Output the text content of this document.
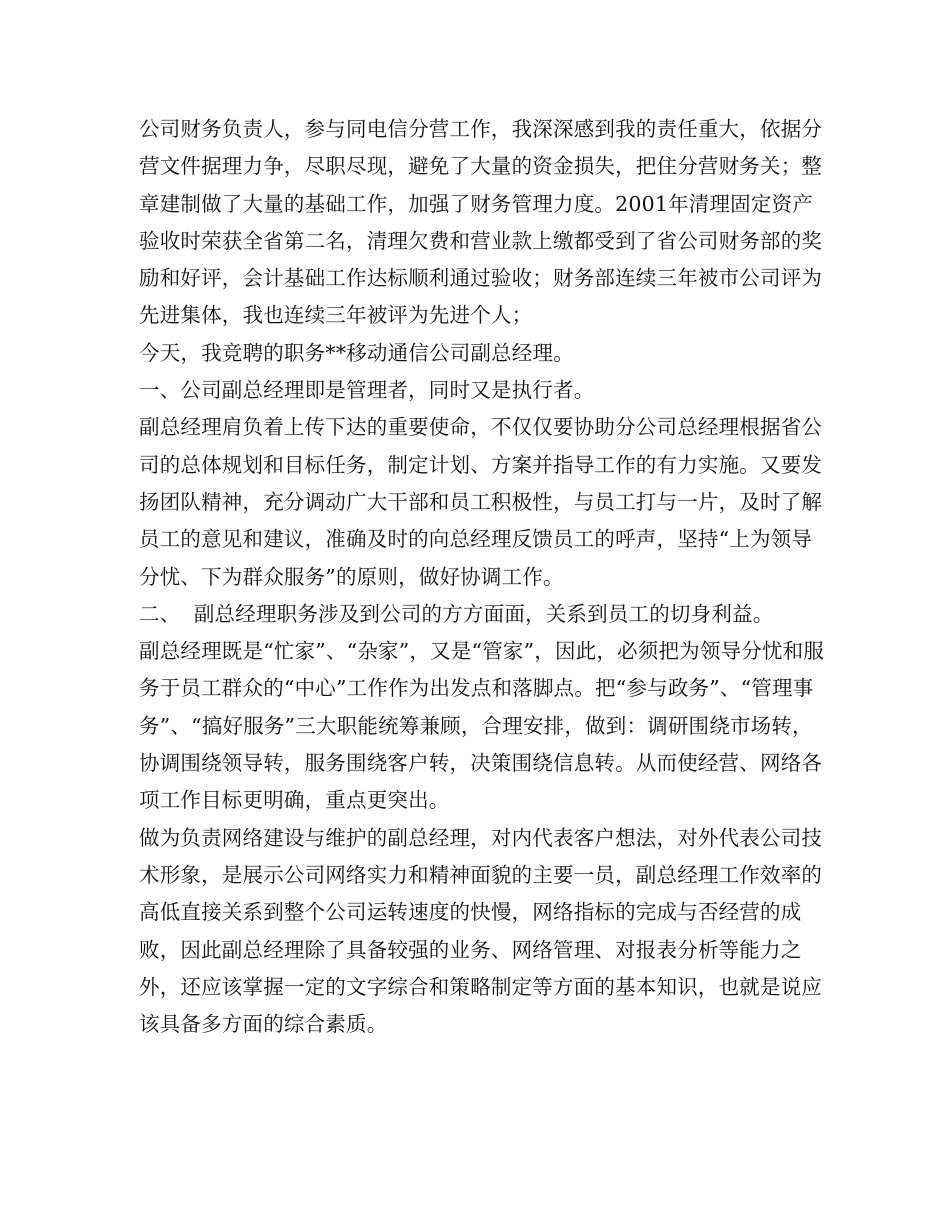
公司财务负责人，参与同电信分营工作，我深深感到我的责任重大，依据分营文件据理力争，尽职尽现，避免了大量的资金损失，把住分营财务关；整章建制做了大量的基础工作，加强了财务管理力度。2001年清理固定资产验收时荣获全省第二名，清理欠费和营业款上缴都受到了省公司财务部的奖励和好评，会计基础工作达标顺利通过验收；财务部连续三年被市公司评为先进集体，我也连续三年被评为先进个人；

今天，我竞聘的职务**移动通信公司副总经理。

一、公司副总经理即是管理者，同时又是执行者。

副总经理肩负着上传下达的重要使命，不仅仅要协助分公司总经理根据省公司的总体规划和目标任务，制定计划、方案并指导工作的有力实施。又要发扬团队精神，充分调动广大干部和员工积极性，与员工打与一片，及时了解员工的意见和建议，准确及时的向总经理反馈员工的呼声，坚持“上为领导分忧、下为群众服务”的原则，做好协调工作。

二、  副总经理职务涉及到公司的方方面面，关系到员工的切身利益。

副总经理既是“忙家”、“杂家”，又是“管家”，因此，必须把为领导分忧和服务于员工群众的“中心”工作作为出发点和落脚点。把“参与政务”、“管理事务”、“搞好服务”三大职能统筹兼顾，合理安排，做到：调研围绕市场转，协调围绕领导转，服务围绕客户转，决策围绕信息转。从而使经营、网络各项工作目标更明确，重点更突出。

做为负责网络建设与维护的副总经理，对内代表客户想法，对外代表公司技术形象，是展示公司网络实力和精神面貌的主要一员，副总经理工作效率的高低直接关系到整个公司运转速度的快慢，网络指标的完成与否经营的成败，因此副总经理除了具备较强的业务、网络管理、对报表分析等能力之外，还应该掌握一定的文字综合和策略制定等方面的基本知识，也就是说应该具备多方面的综合素质。
